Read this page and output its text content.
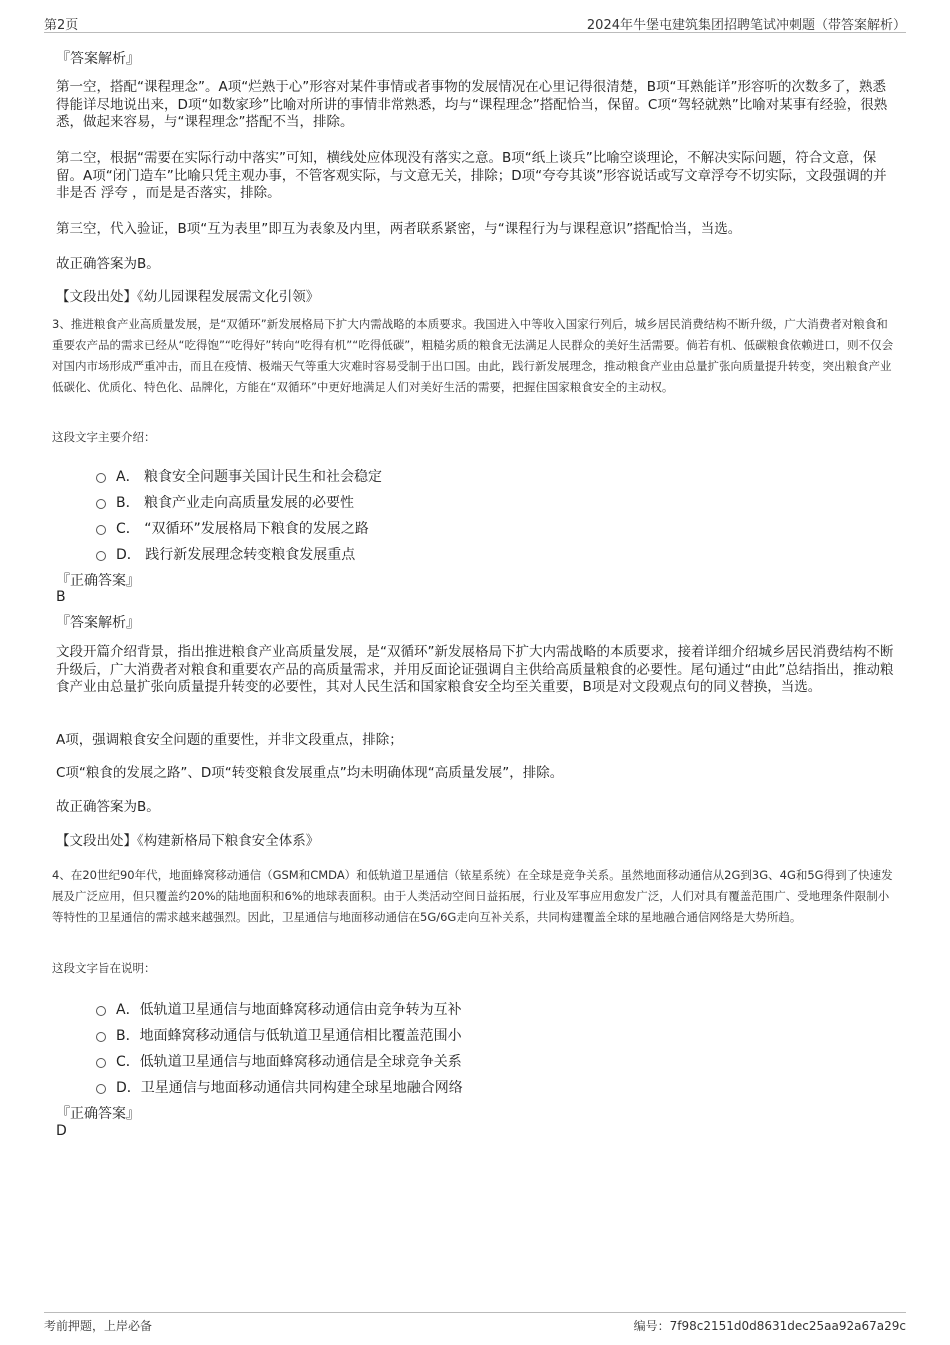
第2页	2024年牛堡屯建筑集团招聘笔试冲刺题（带答案解析）
『答案解析』

第一空，搭配“课程理念”。A项“烂熟于心”形容对某件事情或者事物的发展情况在心里记得很清楚，B项“耳熟能详”形容听的次数多了，熟悉得能详尽地说出来，D项“如数家珍”比喻对所讲的事情非常熟悉，均与“课程理念”搭配恰当，保留。C项“驾轻就熟”比喻对某事有经验，很熟悉，做起来容易，与“课程理念”搭配不当，排除。

第二空，根据“需要在实际行动中落实”可知，横线处应体现没有落实之意。B项“纸上谈兵”比喻空谈理论，不解决实际问题，符合文意，保留。A项“闭门造车”比喻只凭主观办事，不管客观实际，与文意无关，排除；D项“夸夸其谈”形容说话或写文章浮夸不切实际，文段强调的并非是否 浮夸 ，而是是否落实，排除。

第三空，代入验证，B项“互为表里”即互为表象及内里，两者联系紧密，与“课程行为与课程意识”搭配恰当，当选。

故正确答案为B。

【文段出处】《幼儿园课程发展需文化引领》

3、推进粮食产业高质量发展，是“双循环”新发展格局下扩大内需战略的本质要求。我国进入中等收入国家行列后，城乡居民消费结构不断升级，广大消费者对粮食和重要农产品的需求已经从“吃得饱”“吃得好”转向“吃得有机”“吃得低碳”，粗糙劣质的粮食无法满足人民群众的美好生活需要。倘若有机、低碳粮食依赖进口，则不仅会对国内市场形成严重冲击，而且在疫情、极端天气等重大灾难时容易受制于出口国。由此，践行新发展理念，推动粮食产业由总量扩张向质量提升转变，突出粮食产业低碳化、优质化、特色化、品牌化，方能在“双循环”中更好地满足人们对美好生活的需要，把握住国家粮食安全的主动权。

这段文字主要介绍：

A． 粮食安全问题事关国计民生和社会稳定
B． 粮食产业走向高质量发展的必要性
C． “双循环”发展格局下粮食的发展之路
D． 践行新发展理念转变粮食发展重点
『正确答案』
B
『答案解析』

文段开篇介绍背景，指出推进粮食产业高质量发展，是“双循环”新发展格局下扩大内需战略的本质要求，接着详细介绍城乡居民消费结构不断升级后，广大消费者对粮食和重要农产品的高质量需求，并用反面论证强调自主供给高质量粮食的必要性。尾句通过“由此”总结指出，推动粮食产业由总量扩张向质量提升转变的必要性，其对人民生活和国家粮食安全均至关重要，B项是对文段观点句的同义替换，当选。

A项，强调粮食安全问题的重要性，并非文段重点，排除；

C项“粮食的发展之路”、D项“转变粮食发展重点”均未明确体现“高质量发展”，排除。

故正确答案为B。

【文段出处】《构建新格局下粮食安全体系》

4、在20世纪90年代，地面蜂窝移动通信（GSM和CMDA）和低轨道卫星通信（铱星系统）在全球是竞争关系。虽然地面移动通信从2G到3G、4G和5G得到了快速发展及广泛应用，但只覆盖约20%的陆地面积和6%的地球表面积。由于人类活动空间日益拓展，行业及军事应用愈发广泛，人们对具有覆盖范围广、受地理条件限制小等特性的卫星通信的需求越来越强烈。因此，卫星通信与地面移动通信在5G/6G走向互补关系，共同构建覆盖全球的星地融合通信网络是大势所趋。

这段文字旨在说明：

A．低轨道卫星通信与地面蜂窝移动通信由竞争转为互补
B．地面蜂窝移动通信与低轨道卫星通信相比覆盖范围小
C．低轨道卫星通信与地面蜂窝移动通信是全球竞争关系
D．卫星通信与地面移动通信共同构建全球星地融合网络
『正确答案』
D
考前押题，上岸必备	编号：7f98c2151d0d8631dec25aa92a67a29c
